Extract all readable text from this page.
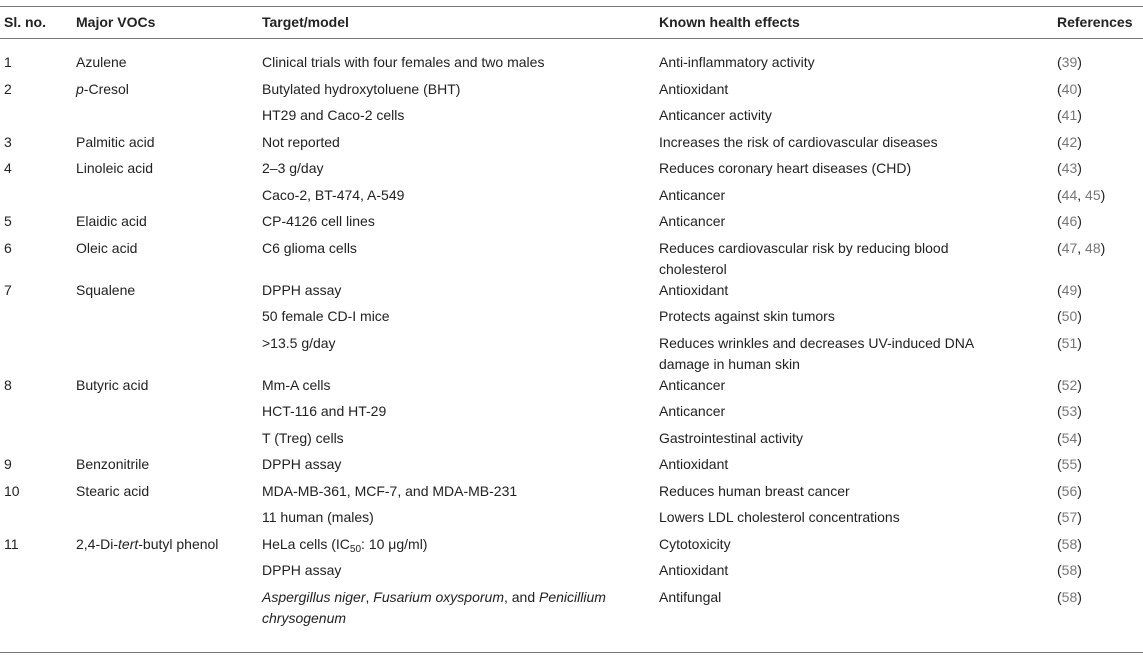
Sl. no.	Major VOCs	Target/model	Known health effects	References
1	Azulene	Clinical trials with four females and two males	Anti-inflammatory activity	(39)
2	p-Cresol	Butylated hydroxytoluene (BHT)	Antioxidant	(40)
		HT29 and Caco-2 cells	Anticancer activity	(41)
3	Palmitic acid	Not reported	Increases the risk of cardiovascular diseases	(42)
4	Linoleic acid	2–3 g/day	Reduces coronary heart diseases (CHD)	(43)
		Caco-2, BT-474, A-549	Anticancer	(44, 45)
5	Elaidic acid	CP-4126 cell lines	Anticancer	(46)
6	Oleic acid	C6 glioma cells	Reduces cardiovascular risk by reducing blood
cholesterol	(47, 48)
7	Squalene	DPPH assay	Antioxidant	(49)
		50 female CD-I mice	Protects against skin tumors	(50)
		>13.5 g/day	Reduces wrinkles and decreases UV-induced DNA
damage in human skin	(51)
8	Butyric acid	Mm-A cells	Anticancer	(52)
		HCT-116 and HT-29	Anticancer	(53)
		T (Treg) cells	Gastrointestinal activity	(54)
9	Benzonitrile	DPPH assay	Antioxidant	(55)
10	Stearic acid	MDA-MB-361, MCF-7, and MDA-MB-231	Reduces human breast cancer	(56)
		11 human (males)	Lowers LDL cholesterol concentrations	(57)
11	2,4-Di-tert-butyl phenol	HeLa cells ($IC_{50}$: 10 μg/ml)	Cytotoxicity	(58)
		DPPH assay	Antioxidant	(58)
		Aspergillus niger, Fusarium oxysporum, and Penicillium
chrysogenum	Antifungal	(58)
